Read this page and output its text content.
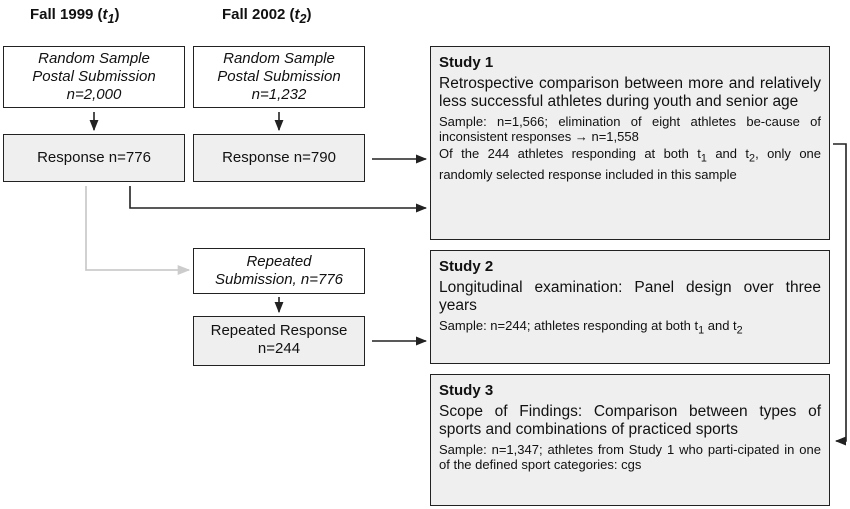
Fall 1999 $(t_1)$	Fall 2002 $(t_2)$
Random Sample
Postal Submission
n=2,000
Response n=776
Random Sample
Postal Submission
n=1,232
Response n=790
Repeated
Submission, n=776
Repeated Response
n=244
Study 1
Retrospective comparison between more and relatively less successful athletes during youth and senior age
Sample: n=1,566; elimination of eight athletes be-cause of inconsistent responses → n=1,558
Of the 244 athletes responding at both $t_1$ and $t_2$, only one randomly selected response included in this sample
Study 2
Longitudinal examination: Panel design over three years
Sample: n=244; athletes responding at both $t_1$ and $t_2$
Study 3
Scope of Findings: Comparison between types of sports and combinations of practiced sports
Sample: n=1,347; athletes from Study 1 who parti-cipated in one of the defined sport categories: cgs
